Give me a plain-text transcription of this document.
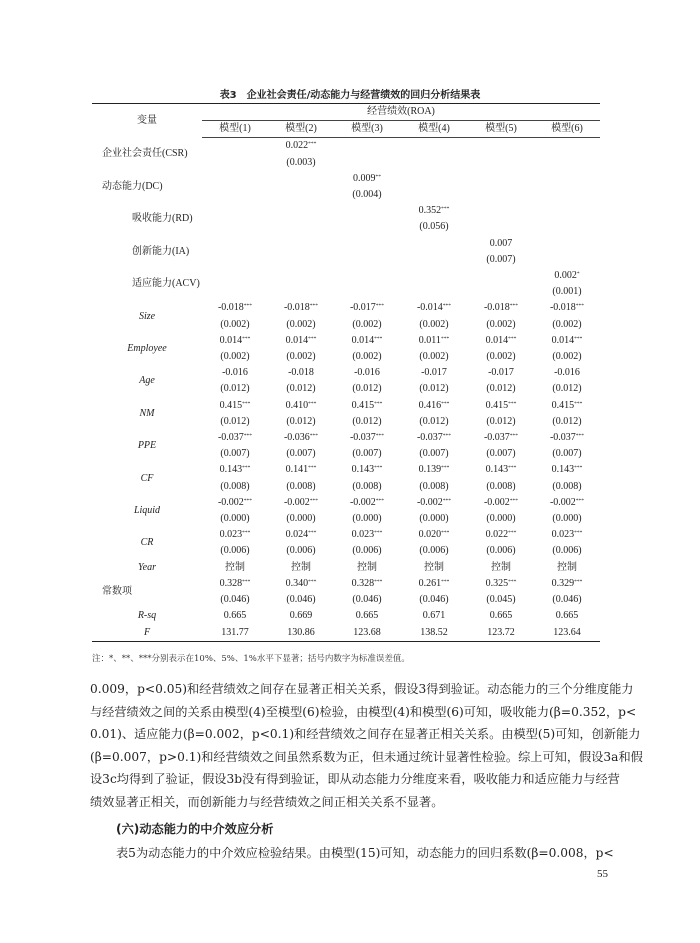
表3 企业社会责任/动态能力与经营绩效的回归分析结果表
变量	经营绩效(ROA)					
	模型(1)	模型(2)	模型(3)	模型(4)	模型(5)	模型(6)
企业社会责任(CSR)		0.022***				
		(0.003)				
动态能力(DC)			0.009**			
			(0.004)			
吸收能力(RD)				0.352***		
				(0.056)		
创新能力(IA)					0.007	
					(0.007)	
适应能力(ACV)						0.002*
						(0.001)
Size	-0.018***	-0.018***	-0.017***	-0.014***	-0.018***	-0.018***
	(0.002)	(0.002)	(0.002)	(0.002)	(0.002)	(0.002)
Employee	0.014***	0.014***	0.014***	0.011***	0.014***	0.014***
	(0.002)	(0.002)	(0.002)	(0.002)	(0.002)	(0.002)
Age	-0.016	-0.018	-0.016	-0.017	-0.017	-0.016
	(0.012)	(0.012)	(0.012)	(0.012)	(0.012)	(0.012)
NM	0.415***	0.410***	0.415***	0.416***	0.415***	0.415***
	(0.012)	(0.012)	(0.012)	(0.012)	(0.012)	(0.012)
PPE	-0.037***	-0.036***	-0.037***	-0.037***	-0.037***	-0.037***
	(0.007)	(0.007)	(0.007)	(0.007)	(0.007)	(0.007)
CF	0.143***	0.141***	0.143***	0.139***	0.143***	0.143***
	(0.008)	(0.008)	(0.008)	(0.008)	(0.008)	(0.008)
Liquid	-0.002***	-0.002***	-0.002***	-0.002***	-0.002***	-0.002***
	(0.000)	(0.000)	(0.000)	(0.000)	(0.000)	(0.000)
CR	0.023***	0.024***	0.023***	0.020***	0.022***	0.023***
	(0.006)	(0.006)	(0.006)	(0.006)	(0.006)	(0.006)
Year	控制	控制	控制	控制	控制	控制
常数项	0.328***	0.340***	0.328***	0.261***	0.325***	0.329***
	(0.046)	(0.046)	(0.046)	(0.046)	(0.045)	(0.046)
R-sq	0.665	0.669	0.665	0.671	0.665	0.665
F	131.77	130.86	123.68	138.52	123.72	123.64
注：*、**、***分别表示在10%、5%、1%水平下显著；括号内数字为标准误差值。
0.009，p<0.05)和经营绩效之间存在显著正相关关系，假设3得到验证。动态能力的三个分维度能力
与经营绩效之间的关系由模型(4)至模型(6)检验，由模型(4)和模型(6)可知，吸收能力(β=0.352，p<
0.01)、适应能力(β=0.002，p<0.1)和经营绩效之间存在显著正相关关系。由模型(5)可知，创新能力
(β=0.007，p>0.1)和经营绩效之间虽然系数为正，但未通过统计显著性检验。综上可知，假设3a和假
设3c均得到了验证，假设3b没有得到验证，即从动态能力分维度来看，吸收能力和适应能力与经营
绩效显著正相关，而创新能力与经营绩效之间正相关关系不显著。
(六)动态能力的中介效应分析
表5为动态能力的中介效应检验结果。由模型(15)可知，动态能力的回归系数(β=0.008，p<
55
